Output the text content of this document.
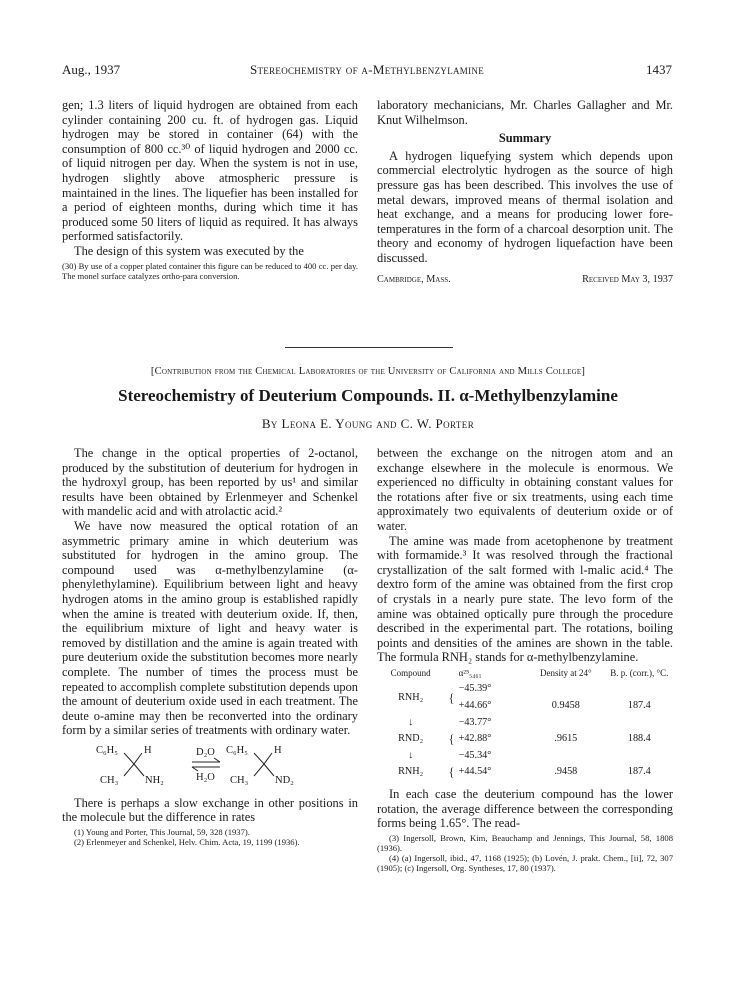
Aug., 1937	Stereochemistry of α-Methylbenzylamine	1437

gen; 1.3 liters of liquid hydrogen are obtained from each cylinder containing 200 cu. ft. of hydrogen gas. Liquid hydrogen may be stored in container (64) with the consumption of 800 cc.³⁰ of liquid hydrogen and 2000 cc. of liquid nitrogen per day. When the system is not in use, hydrogen slightly above atmospheric pressure is maintained in the lines. The liquefier has been installed for a period of eighteen months, during which time it has produced some 50 liters of liquid as required. It has always performed satisfactorily.

The design of this system was executed by the

(30) By use of a copper plated container this figure can be reduced to 400 cc. per day. The monel surface catalyzes ortho-para conversion.

laboratory mechanicians, Mr. Charles Gallagher and Mr. Knut Wilhelmson.

Summary

A hydrogen liquefying system which depends upon commercial electrolytic hydrogen as the source of high pressure gas has been described. This involves the use of metal dewars, improved means of thermal isolation and heat exchange, and a means for producing lower fore-temperatures in the form of a charcoal desorption unit. The theory and economy of hydrogen liquefaction have been discussed.

Cambridge, Mass.	Received May 3, 1937
[Contribution from the Chemical Laboratories of the University of California and Mills College]
Stereochemistry of Deuterium Compounds. II. α-Methylbenzylamine
By Leona E. Young and C. W. Porter

The change in the optical properties of 2-octanol, produced by the substitution of deuterium for hydrogen in the hydroxyl group, has been reported by us¹ and similar results have been obtained by Erlenmeyer and Schenkel with mandelic acid and with atrolactic acid.²

We have now measured the optical rotation of an asymmetric primary amine in which deuterium was substituted for hydrogen in the amino group. The compound used was α-methylbenzylamine (α-phenylethylamine). Equilibrium between light and heavy hydrogen atoms in the amino group is established rapidly when the amine is treated with deuterium oxide. If, then, the equilibrium mixture of light and heavy water is removed by distillation and the amine is again treated with pure deuterium oxide the substitution becomes more nearly complete. The number of times the process must be repeated to accomplish complete substitution depends upon the amount of deuterium oxide used in each treatment. The deute o-amine may then be reconverted into the ordinary form by a similar series of treatments with ordinary water.

C₆H₅ H
CH₃	NH₂
D₂O
H₂O
C₆H₅ H
CH₃	ND₂

There is perhaps a slow exchange in other positions in the molecule but the difference in rates

(1) Young and Porter, This Journal, 59, 328 (1937).

(2) Erlenmeyer and Schenkel, Helv. Chim. Acta, 19, 1199 (1936).

between the exchange on the nitrogen atom and an exchange elsewhere in the molecule is enormous. We experienced no difficulty in obtaining constant values for the rotations after five or six treatments, using each time approximately two equivalents of deuterium oxide or of water.

The amine was made from acetophenone by treatment with formamide.³ It was resolved through the fractional crystallization of the salt formed with l-malic acid.⁴ The dextro form of the amine was obtained from the first crop of crystals in a nearly pure state. The levo form of the amine was obtained optically pure through the procedure described in the experimental part. The rotations, boiling points and densities of the amines are shown in the table. The formula RNH₂ stands for α-methylbenzylamine.

Compound		α²⁵₅₄₆₁	Density at 24°	B. p. (corr.), °C.
RNH₂	{	−45.39°		
		+44.66°	0.9458	187.4
↓	{	−43.77°		
RND₂		+42.88°	.9615	188.4
↓		−45.34°		
RNH₂	{	+44.54°	.9458	187.4

In each case the deuterium compound has the lower rotation, the average difference between the corresponding forms being 1.65°. The read-

(3) Ingersoll, Brown, Kim, Beauchamp and Jennings, This Journal, 58, 1808 (1936).

(4) (a) Ingersoll, ibid., 47, 1168 (1925); (b) Lovén, J. prakt. Chem., [ii], 72, 307 (1905); (c) Ingersoll, Org. Syntheses, 17, 80 (1937).
